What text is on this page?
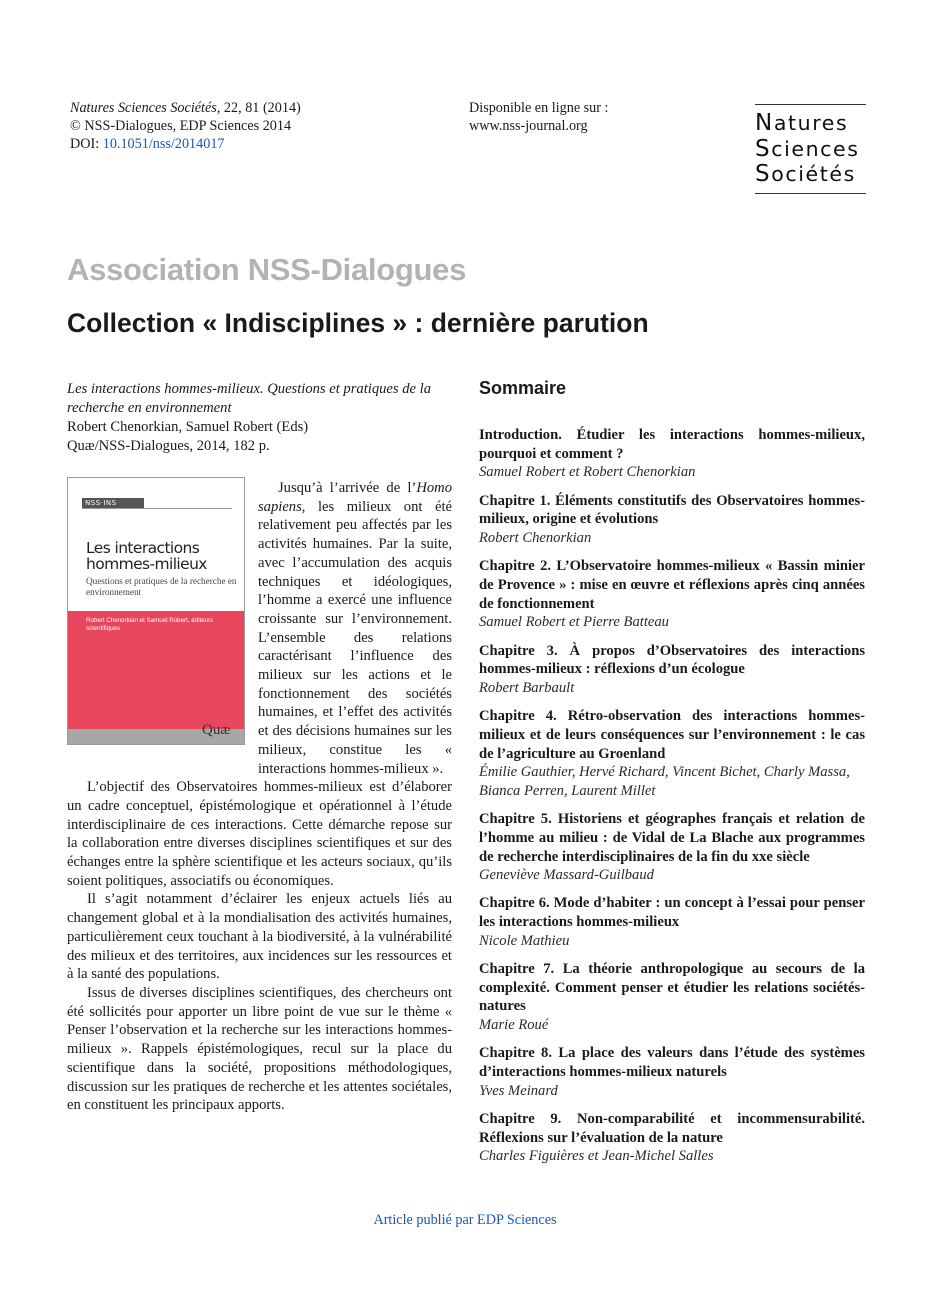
Natures Sciences Sociétés, 22, 81 (2014)
© NSS-Dialogues, EDP Sciences 2014
DOI: 10.1051/nss/2014017
Disponible en ligne sur :
www.nss-journal.org	Natures
Sciences
Sociétés
Association NSS-Dialogues
Collection « Indisciplines » : dernière parution
Les interactions hommes-milieux. Questions et pratiques de la recherche en environnement
Robert Chenorkian, Samuel Robert (Eds)
Quæ/NSS-Dialogues, 2014, 182 p.
NSS·INS
Les interactions hommes-milieux
Questions et pratiques de la recherche en environnement
Robert Chenorkian et Samuel Robert, éditeurs scientifiques
Quæ

Jusqu’à l’arrivée de l’Homo sapiens, les milieux ont été relativement peu affectés par les activités humaines. Par la suite, avec l’accumulation des acquis techniques et idéologiques, l’homme a exercé une influence croissante sur l’environnement. L’ensemble des relations caractérisant l’influence des milieux sur les actions et le fonctionnement des sociétés humaines, et l’effet des activités et des décisions humaines sur les milieux, constitue les « interactions hommes-milieux ».

L’objectif des Observatoires hommes-milieux est d’élaborer un cadre conceptuel, épistémologique et opérationnel à l’étude interdisciplinaire de ces interactions. Cette démarche repose sur la collaboration entre diverses disciplines scientifiques et sur des échanges entre la sphère scientifique et les acteurs sociaux, qu’ils soient politiques, associatifs ou économiques.

Il s’agit notamment d’éclairer les enjeux actuels liés au changement global et à la mondialisation des activités humaines, particulièrement ceux touchant à la biodiversité, à la vulnérabilité des milieux et des territoires, aux incidences sur les ressources et à la santé des populations.

Issus de diverses disciplines scientifiques, des chercheurs ont été sollicités pour apporter un libre point de vue sur le thème « Penser l’observation et la recherche sur les interactions hommes-milieux ». Rappels épistémologiques, recul sur la place du scientifique dans la société, propositions méthodologiques, discussion sur les pratiques de recherche et les attentes sociétales, en constituent les principaux apports.

Sommaire
Introduction. Étudier les interactions hommes-milieux, pourquoi et comment ?
Samuel Robert et Robert Chenorkian
Chapitre 1. Éléments constitutifs des Observatoires hommes-milieux, origine et évolutions
Robert Chenorkian
Chapitre 2. L’Observatoire hommes-milieux « Bassin minier de Provence » : mise en œuvre et réflexions après cinq années de fonctionnement
Samuel Robert et Pierre Batteau
Chapitre 3. À propos d’Observatoires des interactions hommes-milieux : réflexions d’un écologue
Robert Barbault
Chapitre 4. Rétro-observation des interactions hommes-milieux et de leurs conséquences sur l’environnement : le cas de l’agriculture au Groenland
Émilie Gauthier, Hervé Richard, Vincent Bichet, Charly Massa, Bianca Perren, Laurent Millet
Chapitre 5. Historiens et géographes français et relation de l’homme au milieu : de Vidal de La Blache aux programmes de recherche interdisciplinaires de la fin du xxe siècle
Geneviève Massard-Guilbaud
Chapitre 6. Mode d’habiter : un concept à l’essai pour penser les interactions hommes-milieux
Nicole Mathieu
Chapitre 7. La théorie anthropologique au secours de la complexité. Comment penser et étudier les relations sociétés-natures
Marie Roué
Chapitre 8. La place des valeurs dans l’étude des systèmes d’interactions hommes-milieux naturels
Yves Meinard
Chapitre 9. Non-comparabilité et incommensurabilité. Réflexions sur l’évaluation de la nature
Charles Figuières et Jean-Michel Salles
Article publié par EDP Sciences
